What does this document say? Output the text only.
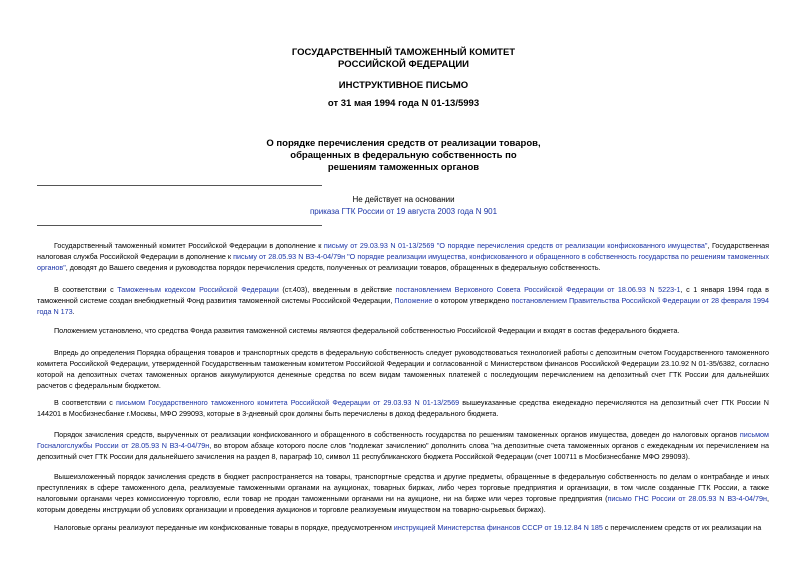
ГОСУДАРСТВЕННЫЙ ТАМОЖЕННЫЙ КОМИТЕТ
РОССИЙСКОЙ ФЕДЕРАЦИИ
ИНСТРУКТИВНОЕ ПИСЬМО
от 31 мая 1994 года N 01-13/5993
О порядке перечисления средств от реализации товаров,
обращенных в федеральную собственность по
решениям таможенных органов
Не действует на основании
приказа ГТК России от 19 августа 2003 года N 901

Государственный таможенный комитет Российской Федерации в дополнение к письму от 29.03.93 N 01-13/2569 "О порядке перечисления средств от реализации конфискованного имущества", Государственная налоговая служба Российской Федерации в дополнение к письму от 28.05.93 N ВЗ-4-04/79н "О порядке реализации имущества, конфискованного и обращенного в собственность государства по решениям таможенных органов", доводят до Вашего сведения и руководства порядок перечисления средств, полученных от реализации товаров, обращенных в федеральную собственность.

В соответствии с Таможенным кодексом Российской Федерации (ст.403), введенным в действие постановлением Верховного Совета Российской Федерации от 18.06.93 N 5223-1, с 1 января 1994 года в таможенной системе создан внебюджетный Фонд развития таможенной системы Российской Федерации, Положение о котором утверждено постановлением Правительства Российской Федерации от 28 февраля 1994 года N 173.

Положением установлено, что средства Фонда развития таможенной системы являются федеральной собственностью Российской Федерации и входят в состав федерального бюджета.

Впредь до определения Порядка обращения товаров и транспортных средств в федеральную собственность следует руководствоваться технологией работы с депозитным счетом Государственного таможенного комитета Российской Федерации, утвержденной Государственным таможенным комитетом Российской Федерации и согласованной с Министерством финансов Российской Федерации 23.10.92 N 01-35/6382, согласно которой на депозитных счетах таможенных органов аккумулируются денежные средства по всем видам таможенных платежей с последующим перечислением на депозитный счет ГТК России для дальнейших расчетов с федеральным бюджетом.

В соответствии с письмом Государственного таможенного комитета Российской Федерации от 29.03.93 N 01-13/2569 вышеуказанные средства ежедекадно перечисляются на депозитный счет ГТК России N 144201 в Мосбизнесбанке г.Москвы, МФО 299093, которые в 3-дневный срок должны быть перечислены в доход федерального бюджета.

Порядок зачисления средств, вырученных от реализации конфискованного и обращенного в собственность государства по решениям таможенных органов имущества, доведен до налоговых органов письмом Госналогслужбы России от 28.05.93 N ВЗ-4-04/79н, во втором абзаце которого после слов "подлежат зачислению" дополнить слова "на депозитные счета таможенных органов с ежедекадным их перечислением на депозитный счет ГТК России для дальнейшего зачисления на раздел 8, параграф 10, символ 11 республиканского бюджета Российской Федерации (счет 100711 в Мосбизнесбанке МФО 299093).

Вышеизложенный порядок зачисления средств в бюджет распространяется на товары, транспортные средства и другие предметы, обращенные в федеральную собственность по делам о контрабанде и иных преступлениях в сфере таможенного дела, реализуемые таможенными органами на аукционах, товарных биржах, либо через торговые предприятия и организации, в том числе созданные ГТК России, а также налоговыми органами через комиссионную торговлю, если товар не продан таможенными органами ни на аукционе, ни на бирже или через торговые предприятия (письмо ГНС России от 28.05.93 N ВЗ-4-04/79н, которым доведены инструкции об условиях организации и проведения аукционов и торговле реализуемым имуществом на товарно-сырьевых биржах).

Налоговые органы реализуют переданные им конфискованные товары в порядке, предусмотренном инструкцией Министерства финансов СССР от 19.12.84 N 185 с перечислением средств от их реализации на
